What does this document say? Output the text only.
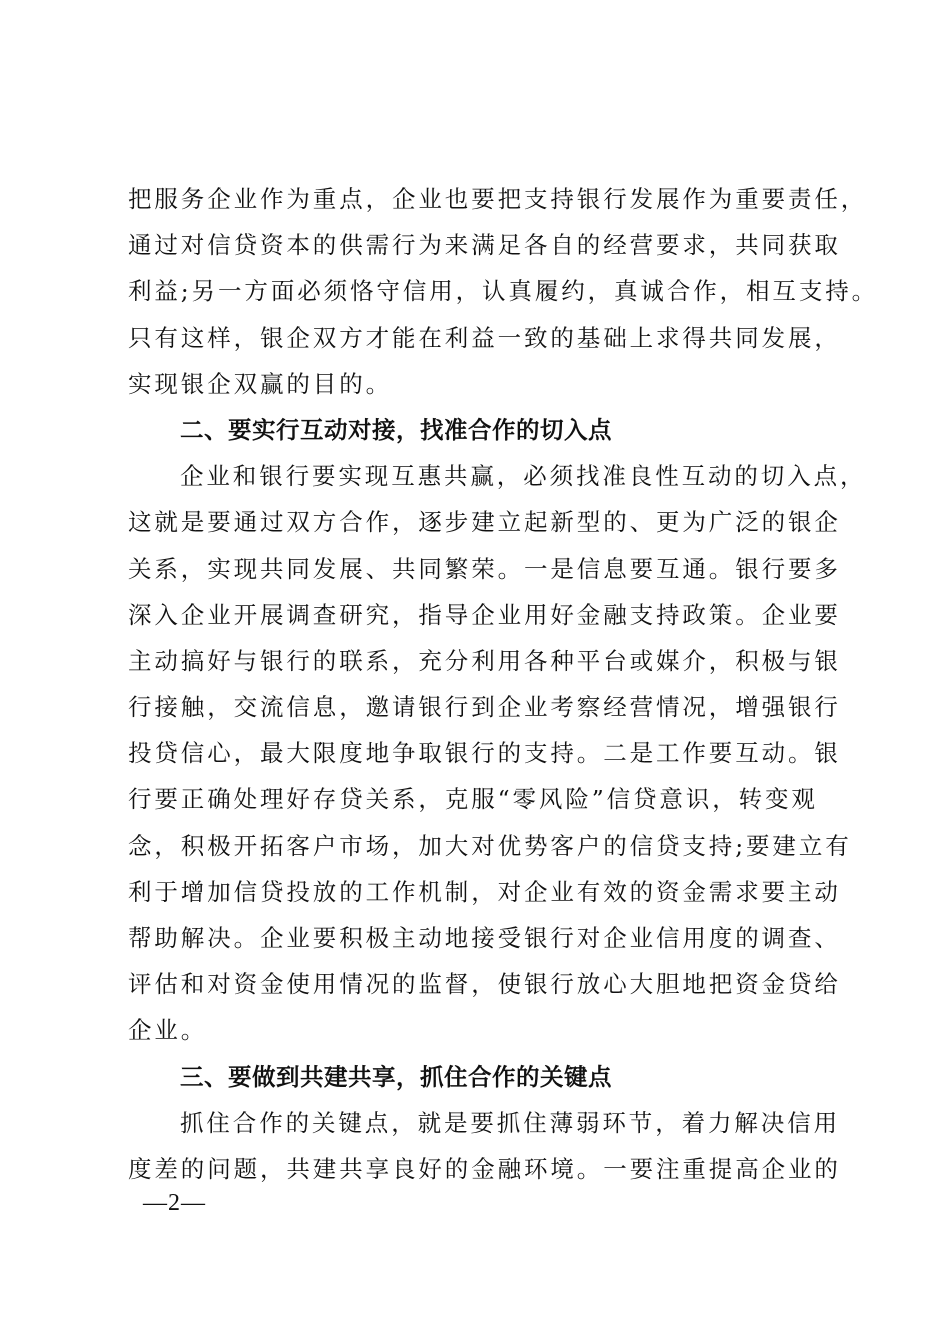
把服务企业作为重点，企业也要把支持银行发展作为重要责任，
通过对信贷资本的供需行为来满足各自的经营要求，共同获取
利益;另一方面必须恪守信用，认真履约，真诚合作，相互支持。
只有这样，银企双方才能在利益一致的基础上求得共同发展，
实现银企双赢的目的。
二、要实行互动对接，找准合作的切入点
企业和银行要实现互惠共赢，必须找准良性互动的切入点，
这就是要通过双方合作，逐步建立起新型的、更为广泛的银企
关系，实现共同发展、共同繁荣。一是信息要互通。银行要多
深入企业开展调查研究，指导企业用好金融支持政策。企业要
主动搞好与银行的联系，充分利用各种平台或媒介，积极与银
行接触，交流信息，邀请银行到企业考察经营情况，增强银行
投贷信心，最大限度地争取银行的支持。二是工作要互动。银
行要正确处理好存贷关系，克服“零风险”信贷意识，转变观
念，积极开拓客户市场，加大对优势客户的信贷支持;要建立有
利于增加信贷投放的工作机制，对企业有效的资金需求要主动
帮助解决。企业要积极主动地接受银行对企业信用度的调查、
评估和对资金使用情况的监督，使银行放心大胆地把资金贷给
企业。
三、要做到共建共享，抓住合作的关键点
抓住合作的关键点，就是要抓住薄弱环节，着力解决信用
度差的问题，共建共享良好的金融环境。一要注重提高企业的
—2—
